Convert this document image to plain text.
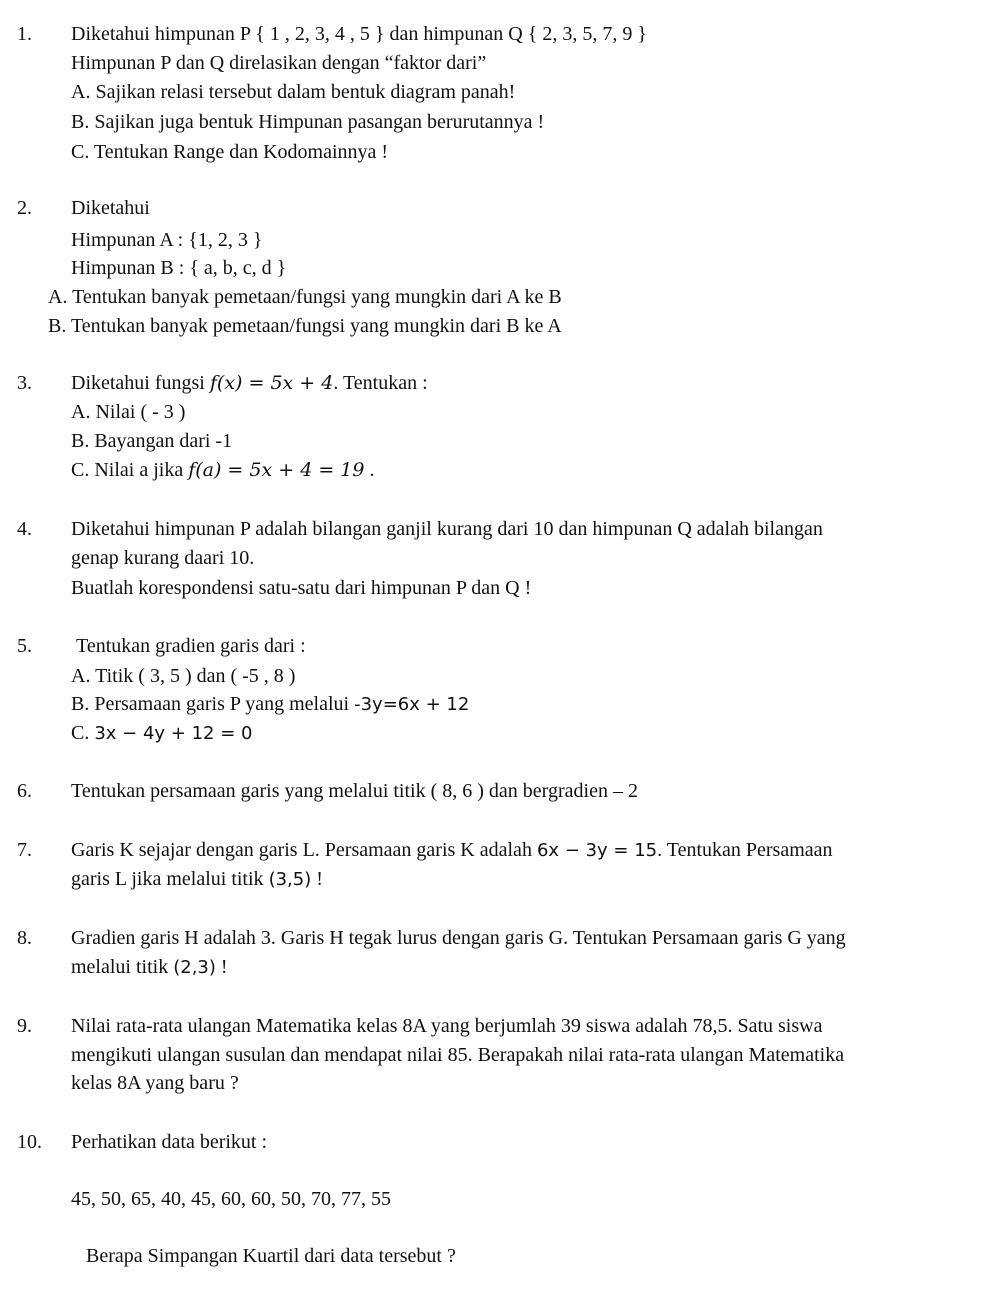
1. Diketahui himpunan P { 1 , 2, 3, 4 , 5 } dan himpunan Q { 2, 3, 5, 7, 9 }
Himpunan P dan Q direlasikan dengan “faktor dari”
A. Sajikan relasi tersebut dalam bentuk diagram panah!
B. Sajikan juga bentuk Himpunan pasangan berurutannya !
C. Tentukan Range dan Kodomainnya !
2. Diketahui
Himpunan A : {1, 2, 3 }
Himpunan B : { a, b, c, d }
A. Tentukan banyak pemetaan/fungsi yang mungkin dari A ke B
B. Tentukan banyak pemetaan/fungsi yang mungkin dari B ke A
3. Diketahui fungsi f(x) = 5x + 4. Tentukan :
A. Nilai ( - 3 )
B. Bayangan dari -1
C. Nilai a jika f(a) = 5x + 4 = 19 .
4. Diketahui himpunan P adalah bilangan ganjil kurang dari 10 dan himpunan Q adalah bilangan
genap kurang daari 10.
Buatlah korespondensi satu-satu dari himpunan P dan Q !
5. Tentukan gradien garis dari :
A. Titik ( 3, 5 ) dan ( -5 , 8 )
B. Persamaan garis P yang melalui -3y=6x + 12
C. 3x − 4y + 12 = 0
6. Tentukan persamaan garis yang melalui titik ( 8, 6 ) dan bergradien – 2
7. Garis K sejajar dengan garis L. Persamaan garis K adalah 6x − 3y = 15. Tentukan Persamaan
garis L jika melalui titik (3,5) !
8. Gradien garis H adalah 3. Garis H tegak lurus dengan garis G. Tentukan Persamaan garis G yang
melalui titik (2,3) !
9. Nilai rata-rata ulangan Matematika kelas 8A yang berjumlah 39 siswa adalah 78,5. Satu siswa
mengikuti ulangan susulan dan mendapat nilai 85. Berapakah nilai rata-rata ulangan Matematika
kelas 8A yang baru ?
10. Perhatikan data berikut :
45, 50, 65, 40, 45, 60, 60, 50, 70, 77, 55
Berapa Simpangan Kuartil dari data tersebut ?
